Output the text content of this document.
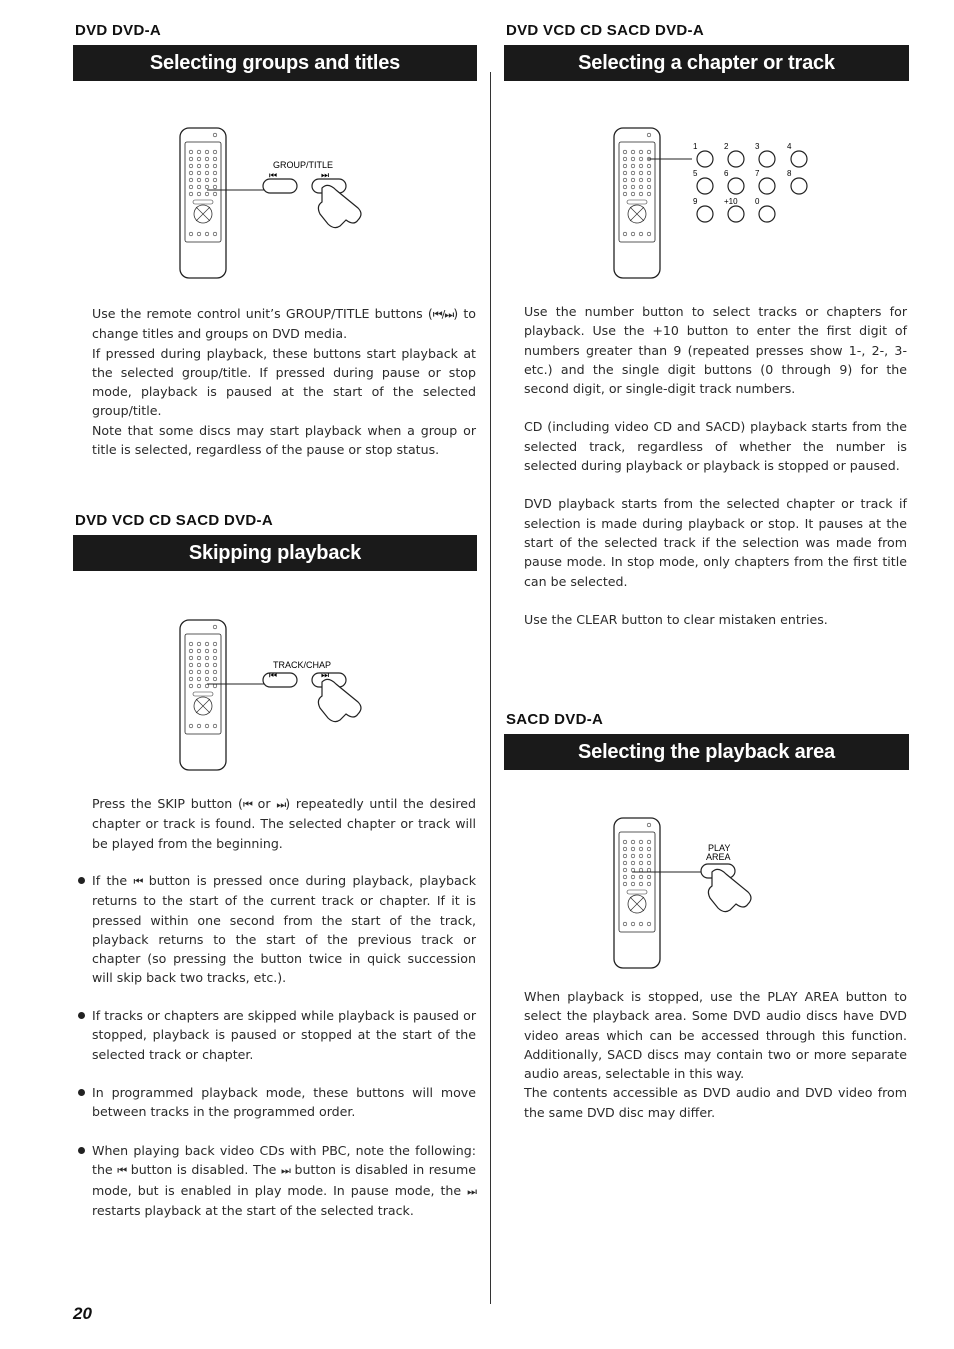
DVD DVD-A
Selecting groups and titles
GROUP/TITLE
⏮	⏭

Use the remote control unit’s GROUP/TITLE buttons (⏮/⏭) to change titles and groups on DVD media.

If pressed during playback, these buttons start playback at the selected group/title. If pressed during pause or stop mode, playback is paused at the start of the selected group/title.

Note that some discs may start playback when a group or title is selected, regardless of the pause or stop status.

DVD VCD CD SACD DVD-A
Skipping playback
TRACK/CHAP
⏮	⏭

Press the SKIP button (⏮ or ⏭) repeatedly until the desired chapter or track is found. The selected chapter or track will be played from the beginning.

If the ⏮ button is pressed once during playback, playback returns to the start of the current track or chapter. If it is pressed within one second from the start of the track, playback returns to the start of the previous track or chapter (so pressing the button twice in quick succession will skip back two tracks, etc.).
If tracks or chapters are skipped while playback is paused or stopped, playback is paused or stopped at the start of the selected track or chapter.
In programmed playback mode, these buttons will move between tracks in the programmed order.
When playing back video CDs with PBC, note the following: the ⏮ button is disabled. The ⏭ button is disabled in resume mode, but is enabled in play mode. In pause mode, the ⏭ restarts playback at the start of the selected track.
DVD VCD CD SACD DVD-A
Selecting a chapter or track
1	2	3	4
5	6	7	8
9	+10 0

Use the number button to select tracks or chapters for playback. Use the +10 button to enter the first digit of numbers greater than 9 (repeated presses show 1-, 2-, 3- etc.) and the single digit buttons (0 through 9) for the second digit, or single-digit track numbers.

CD (including video CD and SACD) playback starts from the selected track, regardless of whether the number is selected during playback or playback is stopped or paused.

DVD playback starts from the selected chapter or track if selection is made during playback or stop. It pauses at the start of the selected track if the selection was made from pause mode. In stop mode, only chapters from the first title can be selected.

Use the CLEAR button to clear mistaken entries.

SACD DVD-A
Selecting the playback area
PLAY
AREA

When playback is stopped, use the PLAY AREA button to select the playback area. Some DVD audio discs have DVD video areas which can be accessed through this function. Additionally, SACD discs may contain two or more separate audio areas, selectable in this way.

The contents accessible as DVD audio and DVD video from the same DVD disc may differ.

20
